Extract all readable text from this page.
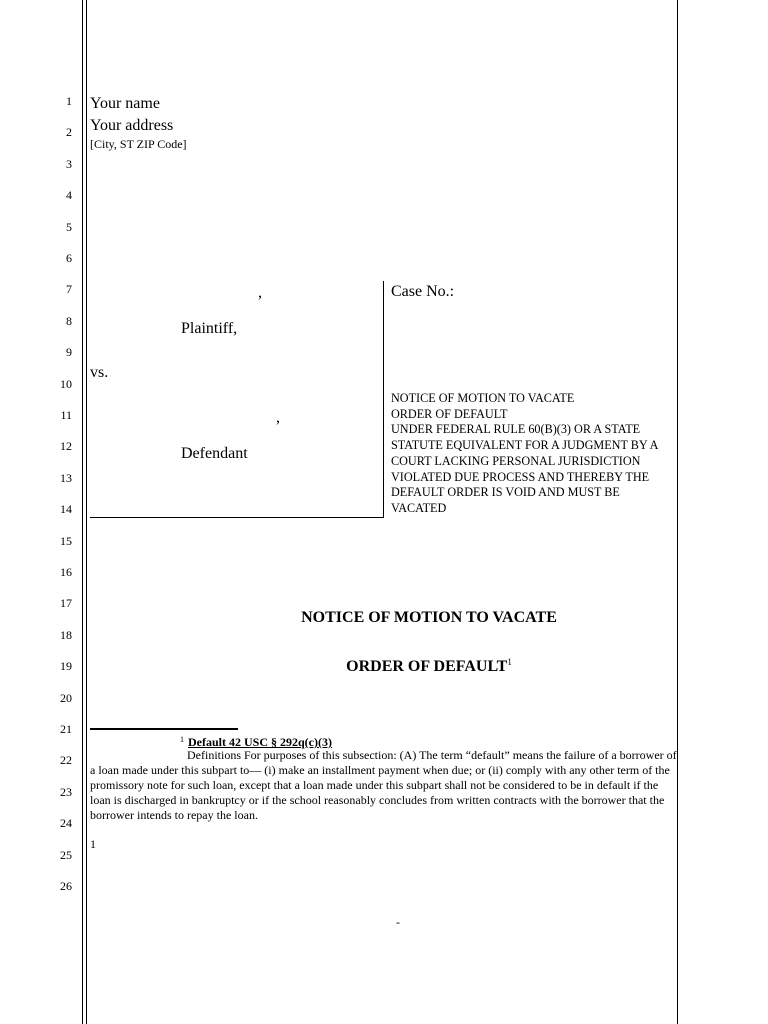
1
2
3
4
5
6
7
8
9
10
11
12
13
14
15
16
17
18
19
20
21
22
23
24
25
26
Your name
Your address
[City, ST ZIP Code]
,
Plaintiff,
vs.
,
Defendant
Case No.:
NOTICE OF MOTION TO VACATE
ORDER OF DEFAULT
UNDER FEDERAL RULE 60(B)(3) OR A STATE
STATUTE EQUIVALENT FOR A JUDGMENT BY A
COURT LACKING PERSONAL JURISDICTION
VIOLATED DUE PROCESS AND THEREBY THE
DEFAULT ORDER IS VOID AND MUST BE
VACATED
NOTICE OF MOTION TO VACATE
ORDER OF DEFAULT$^1$
$^1$ Default 42 USC § 292q(c)(3)
Definitions For purposes of this subsection: (A) The term “default” means the failure of a borrower of a loan made under this subpart to— (i) make an installment payment when due; or (ii) comply with any other term of the promissory note for such loan, except that a loan made under this subpart shall not be considered to be in default if the loan is discharged in bankruptcy or if the school reasonably concludes from written contracts with the borrower that the borrower intends to repay the loan.
1
-
